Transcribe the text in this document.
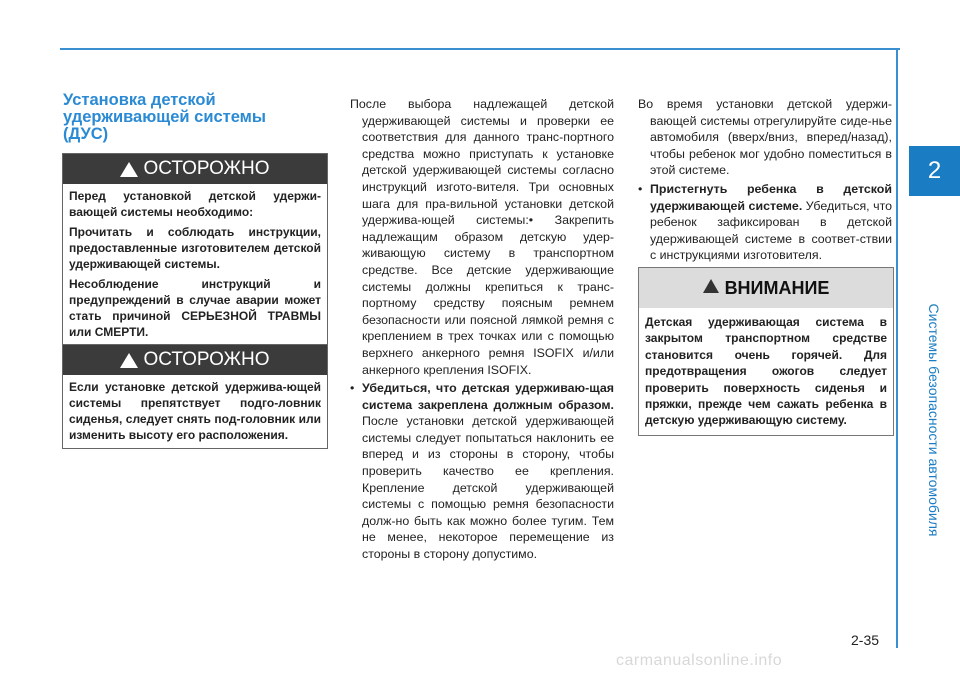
2
Системы безопасности автомобиля
Установка детской
удерживающей системы
(ДУС)
ОСТОРОЖНО

Перед установкой детской удержи-вающей системы необходимо:

Прочитать и соблюдать инструкции, предоставленные изготовителем детской удерживающей системы.

Несоблюдение инструкций и предупреждений в случае аварии может стать причиной СЕРЬЕЗНОЙ ТРАВМЫ или СМЕРТИ.

ОСТОРОЖНО

Если установке детской удержива-ющей системы препятствует подго-ловник сиденья, следует снять под-головник или изменить высоту его расположения.

После выбора надлежащей детской удерживающей системы и проверки ее соответствия для данного транс-портного средства можно приступать к установке детской удерживающей системы согласно инструкций изгото-вителя. Три основных шага для пра-вильной установки детской удержива-ющей системы:• Закрепить надлежащим образом детскую удер-живающую систему в транспортном средстве. Все детские удерживающие системы должны крепиться к транс-портному средству поясным ремнем безопасности или поясной лямкой ремня с креплением в трех точках или с помощью верхнего анкерного ремня ISOFIX и/или анкерного крепления ISOFIX.

• Убедиться, что детская удерживаю-щая система закреплена должным образом. После установки детской удерживающей системы следует попытаться наклонить ее вперед и из стороны в сторону, чтобы проверить качество ее крепления. Крепление детской удерживающей системы с помощью ремня безопасности долж-но быть как можно более тугим. Тем не менее, некоторое перемещение из стороны в сторону допустимо.

Во время установки детской удержи-вающей системы отрегулируйте сиде-нье автомобиля (вверх/вниз, вперед/назад), чтобы ребенок мог удобно поместиться в этой системе.

• Пристегнуть ребенка в детской удерживающей системе. Убедиться, что ребенок зафиксирован в детской удерживающей системе в соответ-ствии с инструкциями изготовителя.
ВНИМАНИЕ
Детская удерживающая система в закрытом транспортном средстве становится очень горячей. Для предотвращения ожогов следует проверить поверхность сиденья и пряжки, прежде чем сажать ребенка в детскую удерживающую систему.
2-35
carmanualsonline.info
